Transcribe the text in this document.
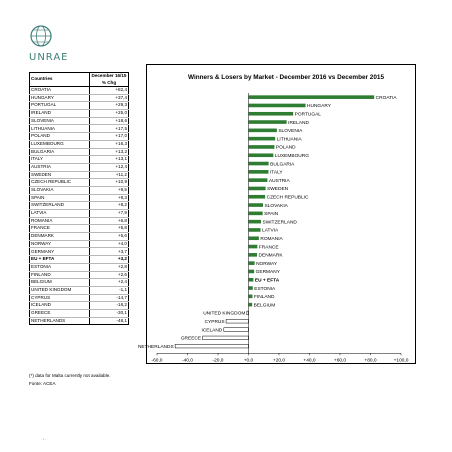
UNRAE
Countries	December 16/15
% Chg

CROATIA	+82,4
HUNGARY	+37,4
PORTUGAL	+29,3
IRELAND	+25,0
SLOVENIA	+18,6
LITHUANIA	+17,5
POLAND	+17,0
LUXEMBOURG	+16,3
BULGARIA	+13,2
ITALY	+13,1
AUSTRIA	+12,4
SWEDEN	+11,2
CZECH REPUBLIC	+10,9
SLOVAKIA	+9,5
SPAIN	+9,3
SWITZERLAND	+8,2
LATVIA	+7,9
ROMANIA	+6,8
FRANCE	+5,8
DENMARK	+5,6
NORWAY	+4,0
GERMANY	+3,7
EU + EFTA	+3,2
ESTONIA	+2,8
FINLAND	+2,6
BELGIUM	+2,4
UNITED KINGDOM	-1,1
CYPRUS	-14,7
ICELAND	-16,2
GREECE	-30,1
NETHERLANDS	-48,1
Winners & Losers by Market - December 2016 vs December 2015
CROATIA
HUNGARY
PORTUGAL
IRELAND
SLOVENIA
LITHUANIA
POLAND
LUXEMBOURG
BULGARIA
ITALY
AUSTRIA
SWEDEN
CZECH REPUBLIC
SLOVAKIA
SPAIN
SWITZERLAND
LATVIA
ROMANIA
FRANCE
DENMARK
NORWAY
GERMANY
EU + EFTA
ESTONIA
FINLAND
BELGIUM
UNITED KINGDOM
CYPRUS
ICELAND
GREECE
NETHERLANDS
-60,0	-40,0	-20,0	+0,0	+20,0	+40,0	+60,0	+80,0	+100,0
(*) data for Malta currently not available.
Fonte: ACEA
- 1 -
